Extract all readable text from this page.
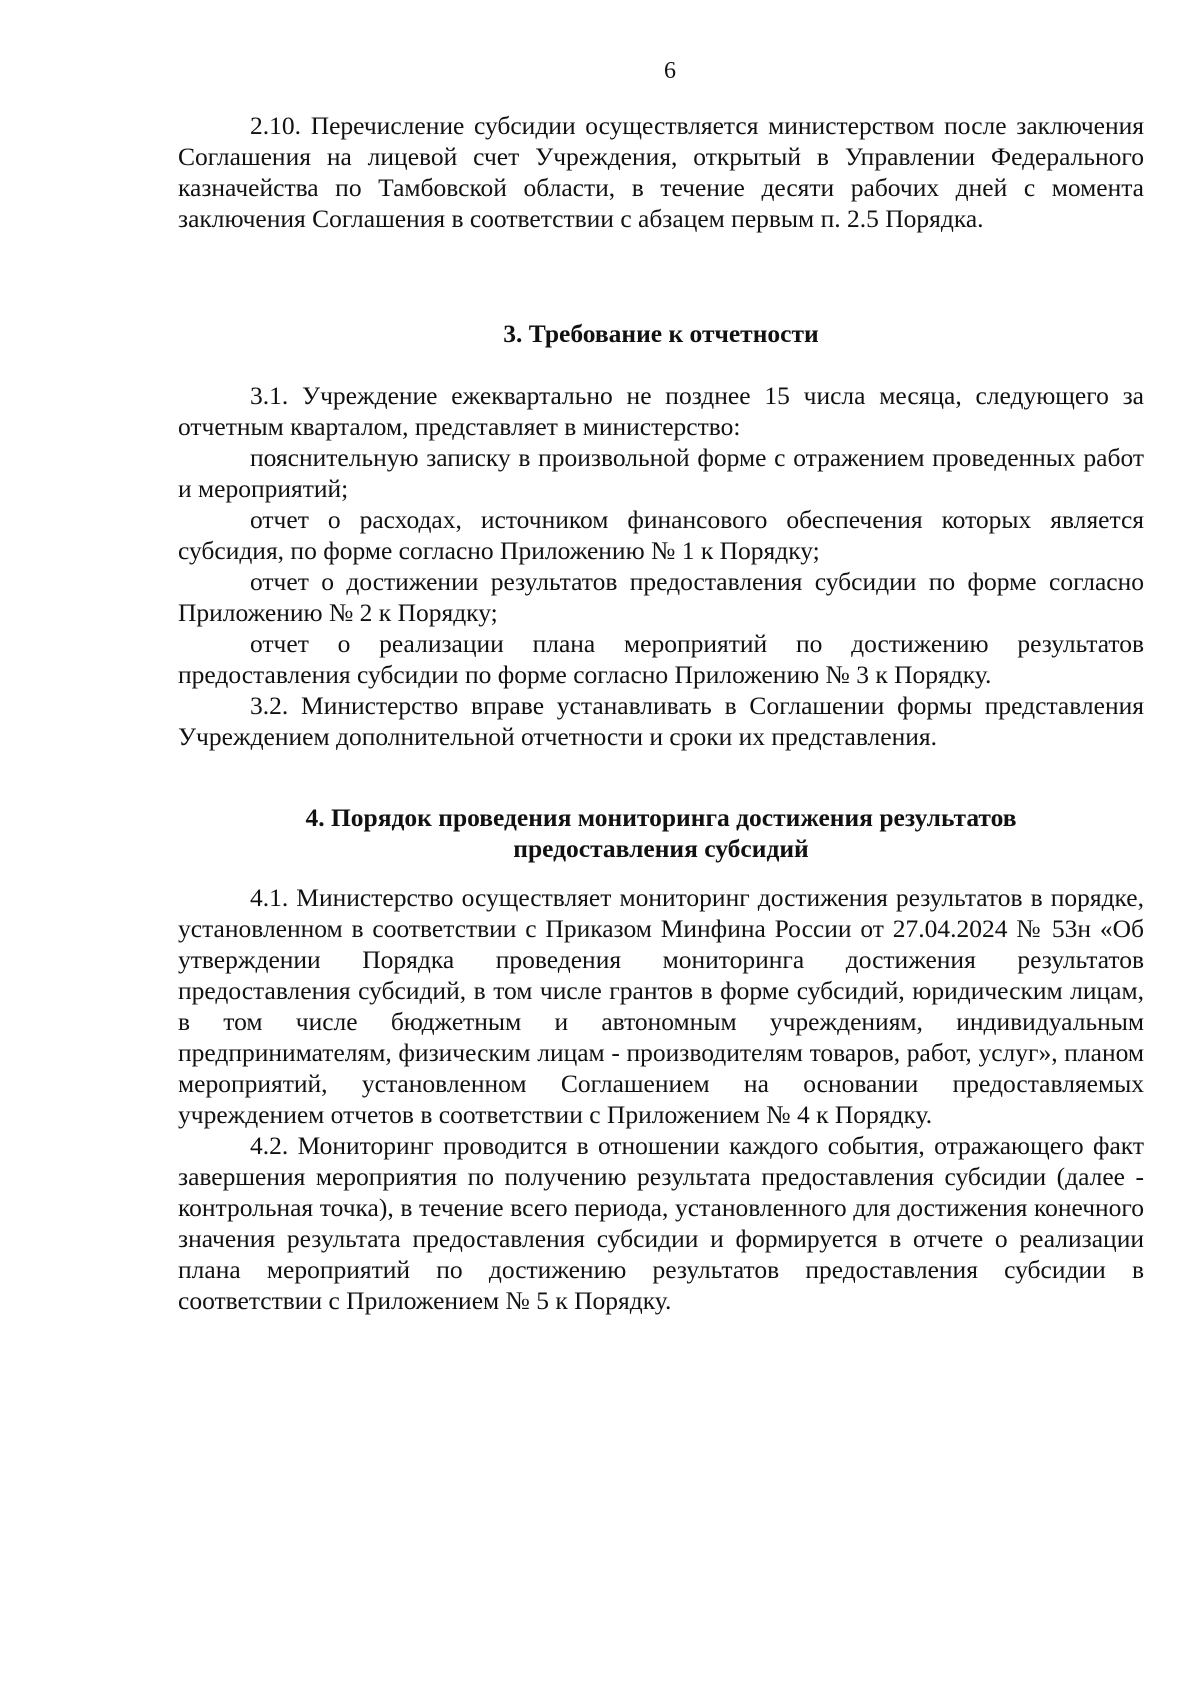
6

2.10. Перечисление субсидии осуществляется министерством после заключения Соглашения на лицевой счет Учреждения, открытый в Управлении Федерального казначейства по Тамбовской области, в течение десяти рабочих дней с момента заключения Соглашения в соответствии с абзацем первым п. 2.5 Порядка.

3. Требование к отчетности

3.1. Учреждение ежеквартально не позднее 15 числа месяца, следующего за отчетным кварталом, представляет в министерство:

пояснительную записку в произвольной форме с отражением проведенных работ и мероприятий;

отчет о расходах, источником финансового обеспечения которых является субсидия, по форме согласно Приложению № 1 к Порядку;

отчет о достижении результатов предоставления субсидии по форме согласно Приложению № 2 к Порядку;

отчет о реализации плана мероприятий по достижению результатов предоставления субсидии по форме согласно Приложению № 3 к Порядку.

3.2. Министерство вправе устанавливать в Соглашении формы представления Учреждением дополнительной отчетности и сроки их представления.

4. Порядок проведения мониторинга достижения результатов
предоставления субсидий

4.1. Министерство осуществляет мониторинг достижения результатов в порядке, установленном в соответствии с Приказом Минфина России от 27.04.2024 № 53н «Об утверждении Порядка проведения мониторинга достижения результатов предоставления субсидий, в том числе грантов в форме субсидий, юридическим лицам, в том числе бюджетным и автономным учреждениям, индивидуальным предпринимателям, физическим лицам - производителям товаров, работ, услуг», планом мероприятий, установленном Соглашением на основании предоставляемых учреждением отчетов в соответствии с Приложением № 4 к Порядку.

4.2. Мониторинг проводится в отношении каждого события, отражающего факт завершения мероприятия по получению результата предоставления субсидии (далее - контрольная точка), в течение всего периода, установленного для достижения конечного значения результата предоставления субсидии и формируется в отчете о реализации плана мероприятий по достижению результатов предоставления субсидии в соответствии с Приложением № 5 к Порядку.
